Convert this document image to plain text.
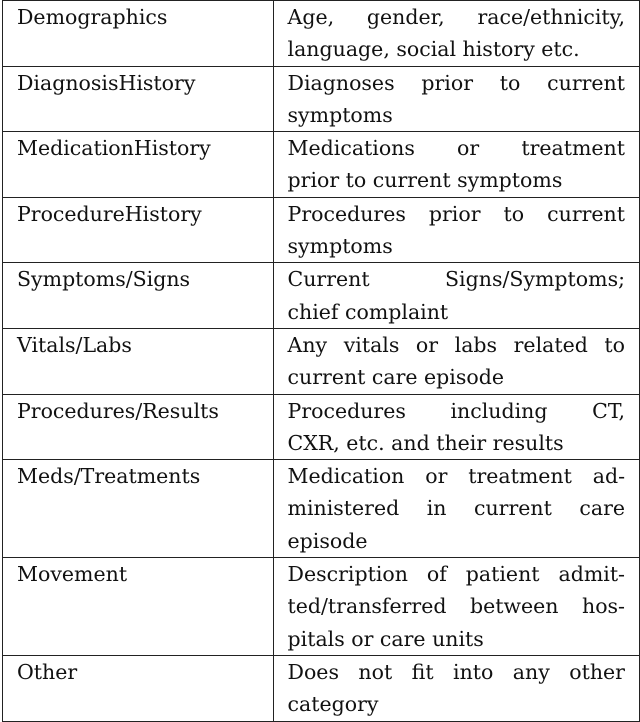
Demographics	Age, gender, race/ethnicity,
language, social history etc.

DiagnosisHistory	Diagnoses prior to current
symptoms

MedicationHistory	Medications or treatment
prior to current symptoms

ProcedureHistory	Procedures prior to current
symptoms

Symptoms/Signs	Current Signs/Symptoms;
chief complaint

Vitals/Labs	Any vitals or labs related to
current care episode

Procedures/Results	Procedures including CT,
CXR, etc. and their results

Meds/Treatments	Medication or treatment ad-
ministered in current care
episode

Movement	Description of patient admit-
ted/transferred between hos-
pitals or care units

Other	Does not fit into any other
category
